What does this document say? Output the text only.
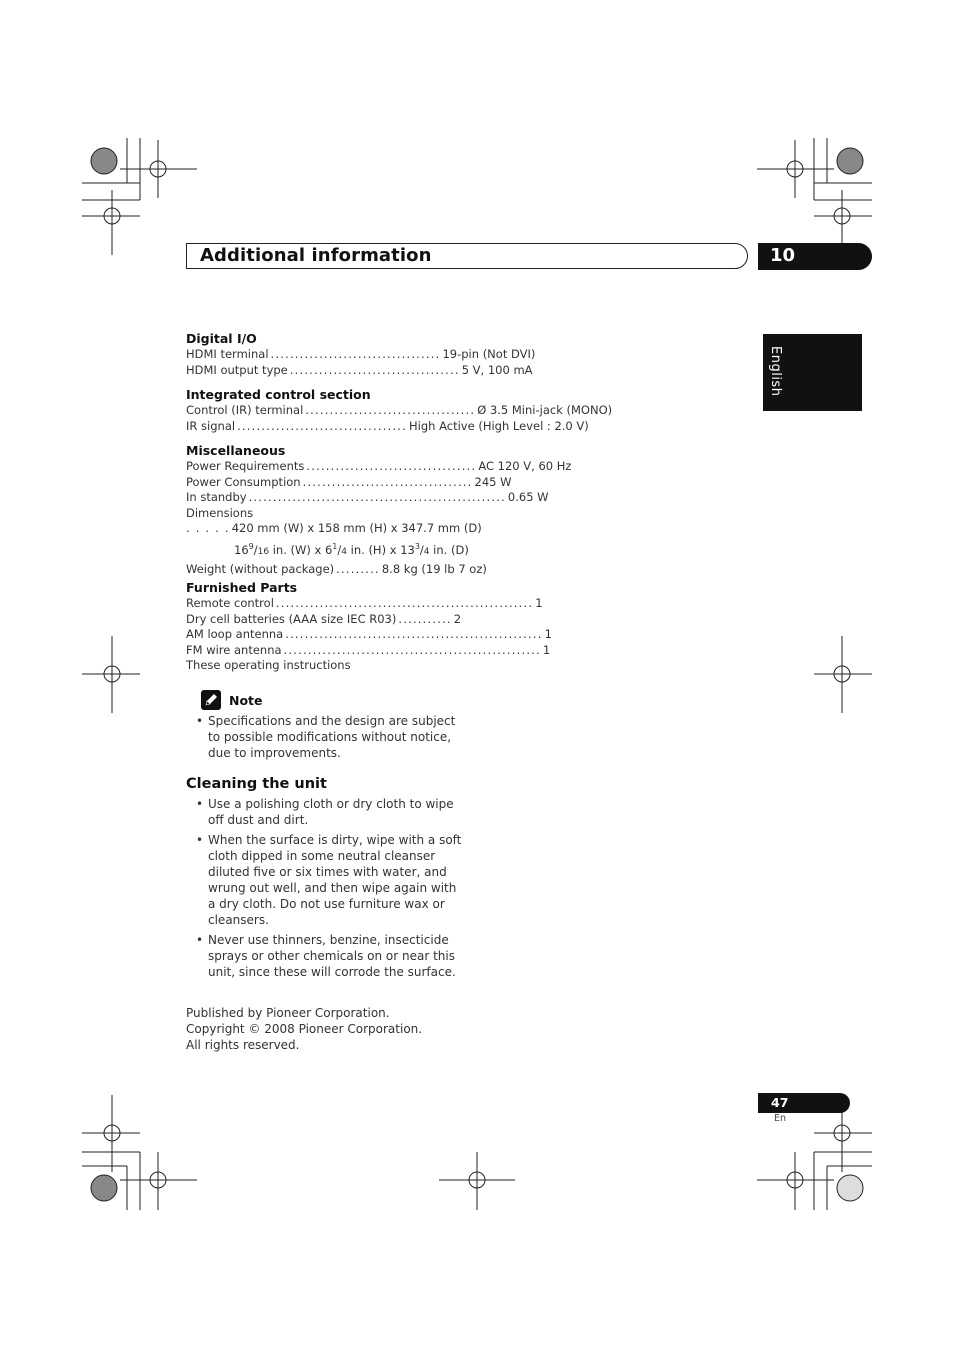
Additional information	10
English
Digital I/O
HDMI terminal ................................... 19-pin (Not DVI)
HDMI output type ................................... 5 V, 100 mA
Integrated control section
Control (IR) terminal ................................... Ø 3.5 Mini-jack (MONO)
IR signal ................................... High Active (High Level : 2.0 V)
Miscellaneous
Power Requirements ................................... AC 120 V, 60 Hz
Power Consumption ................................... 245 W
In standby ..................................................... 0.65 W
Dimensions
. . . . . 420 mm (W) x 158 mm (H) x 347.7 mm (D)
$16^9/16$ in. (W) x $6^1/4$ in. (H) x $13^3/4$ in. (D)
Weight (without package) ......... 8.8 kg (19 lb 7 oz)
Furnished Parts
Remote control ..................................................... 1
Dry cell batteries (AAA size IEC R03) ........... 2
AM loop antenna ..................................................... 1
FM wire antenna ..................................................... 1
These operating instructions
Note
• Specifications and the design are subject to possible modifications without notice, due to improvements.
Cleaning the unit
• Use a polishing cloth or dry cloth to wipe off dust and dirt.
• When the surface is dirty, wipe with a soft cloth dipped in some neutral cleanser diluted five or six times with water, and wrung out well, and then wipe again with a dry cloth. Do not use furniture wax or cleansers.
• Never use thinners, benzine, insecticide sprays or other chemicals on or near this unit, since these will corrode the surface.
Published by Pioneer Corporation.
Copyright © 2008 Pioneer Corporation.
All rights reserved.
47
En
